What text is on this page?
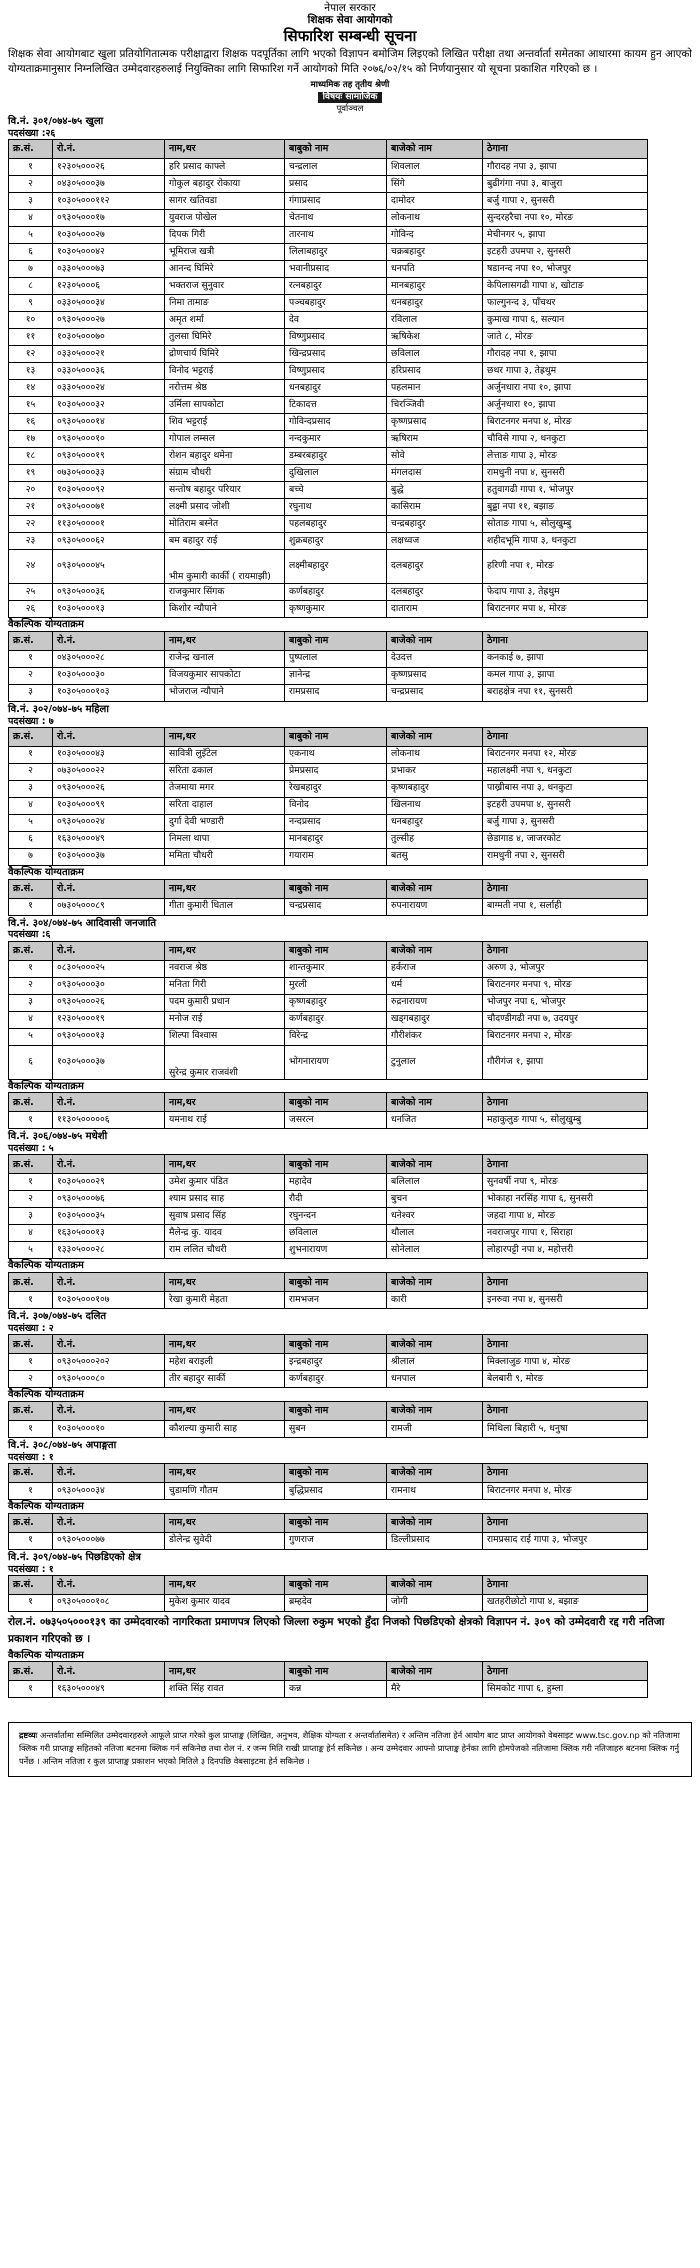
नेपाल सरकार
शिक्षक सेवा आयोगको
सिफारिश सम्बन्धी सूचना
शिक्षक सेवा आयोगबाट खुला प्रतियोगितात्मक परीक्षाद्वारा शिक्षक पदपूर्तिका लागि भएको विज्ञापन बमोजिम लिइएको लिखित परीक्षा तथा अन्तर्वार्ता समेतका आधारमा कायम हुन आएको योग्यताक्रमानुसार निम्नलिखित उम्मेदवारहरुलाई नियुक्तिका लागि सिफारिश गर्ने आयोगको मिति २०७६/०२/१५ को निर्णयानुसार यो सूचना प्रकाशित गरिएको छ ।
माध्यमिक तह तृतीय श्रेणी
विषयः सामाजिक
पूर्वाञ्चल
वि.नं. ३०१/०७४-७५ खुला
पदसंख्या :२६
क्र.सं.	रो.नं.	नाम,थर	बाबुको नाम	बाजेको नाम	ठेगाना
१	१२३०५०००२६	हरि प्रसाद काफ्ले	चन्द्रलाल	शिवलाल	गौरादह नपा ३, झापा
२	०४३०५०००३७	गोकुल बहादुर रोकाया	प्रसाद	सिंगे	बुढीगंगा नपा ३, बाजुरा
३	१०३०५०००११२	सागर खतिवडा	गंगाप्रसाद	दामोदर	बर्जु गापा २, सुनसरी
४	०९३०५०००१७	युवराज पोखेल	चेतनाथ	लोकनाथ	सुन्दरहरैचा नपा १०, मोरङ
५	१०३०५०००२७	दिपक गिरी	तारनाथ	गोविन्द	मेचीनगर ५, झापा
६	१०३०५०००४२	भूमिराज खत्री	लिलाबहादुर	चक्रबहादुर	इटहरी उपमपा २, सुनसरी
७	०३३०५०००७३	आनन्द घिमिरे	भवानीप्रसाद	धनपति	षडानन्द नपा १०, भोजपुर
८	१२३०५०००६	भक्तराज सुनुवार	रत्नबहादुर	मानबहादुर	केपिलासगढी गापा ४, खोटाङ
९	०३३०५०००३४	निमा तामाङ	पञ्चबहादुर	धनबहादुर	फाल्गुनन्द ३, पाँचथर
१०	०९३०५०००२७	अमृत शर्मा	देव	रविलाल	कुमाख गापा ६, सल्यान
११	१०३०५०००७०	तुलसा घिमिरे	विष्णुप्रसाद	ऋषिकेश	जाते ८, मोरङ
१२	०३३०५०००२१	द्रोणचार्य घिमिरे	खिन्द्रप्रसाद	छविलाल	गौरादह नपा १, झापा
१३	०३३०५०००३६	विनोद भट्टराई	विष्णुप्रसाद	हरिप्रसाद	छथर गापा ३, तेह्रथुम
१४	०३३०५०००२४	नरोत्तम श्रेष्ठ	धनबहादुर	पहलमान	अर्जुनधारा नपा १०, झापा
१५	१०३०५०००३२	उर्मिला सापकोटा	टिकादत्त	चिरञ्जिवी	अर्जुनधारा १०, झापा
१६	०९३०५०००१४	शिव भट्टराई	गोविन्दप्रसाद	कृष्णप्रसाद	बिराटनगर मनपा ४, मोरङ
१७	०९३०५०००१०	गोपाल लम्सल	नन्दकुमार	ऋषिराम	चौविसे गापा २, धनकुटा
१८	०९३०५०००१९	रोशन बहादुर थमेना	डम्बरबहादुर	सोवे	लेत्ताङ गापा ३, मोरङ
१९	०७३०५०००३३	संग्राम चौधरी	दुखिलाल	मंगलदास	रामधुनी नपा ४, सुनसरी
२०	१०३०५०००९२	सन्तोष बहादुर परियार	बच्चे	बुद्धे	हतुवागढी गापा १, भोजपुर
२१	०९३०५०००७१	लक्ष्मी प्रसाद जोशी	रघुनाथ	कासिराम	बुढ्ढा नपा ११, बझाङ
२२	११३०५००००१	मोतिराम बस्नेत	पहलबहादुर	चन्द्रबहादुर	सोताङ गापा ५, सोलुखुम्बु
२३	०९३०५०००६२	बम बहादुर राई	शुक्रबहादुर	लक्षध्वज	शहीदभूमि गापा ३, धनकुटा
२४	०९३०५०००४५	भीम कुमारी कार्की ( रायमाझी)	लक्ष्मीबहादुर	दलबहादुर	हरिणी नपा १, मोरङ
२५	०९३०५०००३६	राजकुमार सिंगक	कर्णबहादुर	दलबहादुर	फेदाप गापा ३, तेह्रथुम
२६	१०३०५०००१३	किशोर न्यौपाने	कृष्णकुमार	दाताराम	बिराटनगर मपा ४, मोरङ
वैकल्पिक योग्यताक्रम
क्र.सं.	रो.नं.	नाम,थर	बाबुको नाम	बाजेको नाम	ठेगाना
१	०४३०५०००२८	राजेन्द्र खनाल	पुष्पलाल	देउदत्त	कनकाई ७, झापा
२	१०३०५०००३०	विजयकुमार सापकोटा	ज्ञानेन्द्र	कृष्णप्रसाद	कमल गापा ३, झापा
३	१०३०५०००१०३	भोजराज न्यौपाने	रामप्रसाद	चन्द्रप्रसाद	बराहक्षेत्र नपा ११, सुनसरी
वि.नं. ३०२/०७४-७५ महिला
पदसंख्या : ७
क्र.सं.	रो.नं.	नाम,थर	बाबुको नाम	बाजेको नाम	ठेगाना
१	१०३०५०००४३	सावित्री लुइँटेल	एकनाथ	लोकनाथ	बिराटनगर मनपा १२, मोरङ
२	०७३०५०००२२	सरिता ढकाल	प्रेमप्रसाद	प्रभाकर	महालक्ष्मी नपा ९, धनकुटा
३	०९३०५०००२६	तेजमाया मगर	रेखबहादुर	कृष्णबहादुर	पाख्रीबास नपा ३, धनकुटा
४	१०३०५०००९९	सरिता दाहाल	विनोद	खिलनाथ	इटहरी उपमपा ४, सुनसरी
५	०९३०५०००२४	दुर्गा देवी भण्डारी	नन्दप्रसाद	धनबहादुर	बर्जु गापा ३, सुनसरी
६	१६३०५०००४९	निमला थापा	मानबहादुर	तुल्सीह	छेडागाड ४, जाजरकोट
७	१०३०५०००३७	ममिता चौधरी	गयाराम	बतसु	रामधुनी नपा २, सुनसरी
वैकल्पिक योग्यताक्रम
क्र.सं.	रो.नं.	नाम,थर	बाबुको नाम	बाजेको नाम	ठेगाना
१	०७३०५०००८९	गीता कुमारी धिताल	चन्द्रप्रसाद	रुपनारायण	बाग्मती नपा १, सर्लाही
वि.नं. ३०४/०७४-७५ आदिवासी जनजाति
पदसंख्या :६
क्र.सं.	रो.नं.	नाम,थर	बाबुको नाम	बाजेको नाम	ठेगाना
१	०८३०५०००२५	नवराज श्रेष्ठ	शान्तकुमार	हर्कराज	अरुण ३, भोजपुर
२	०९३०५०००३०	मनिता गिरी	मुरली	धर्म	बिराटनगर मनपा ९, मोरङ
३	०९३०५०००२६	पदम कुमारी प्रधान	कृष्णबहादुर	रुद्रनारायण	भोजपुर नपा ६, भोजपुर
४	१२३०५०००१९	मनोज राई	कर्णबहादुर	खड्गबहादुर	चौदण्डीगढी नपा ७, उदयपुर
५	०९३०५०००१३	शिल्पा विश्वास	विरेन्द्र	गौरीशंकर	बिराटनगर मनपा २, मोरङ
६	१०३०५०००३७	सुरेन्द्र कुमार राजवंशी	भोगनारायण	टुनुलाल	गौरीगंज १, झापा
वैकल्पिक योग्यताक्रम
क्र.सं.	रो.नं.	नाम,थर	बाबुको नाम	बाजेको नाम	ठेगाना
१	११३०५०००००६	यमनाथ राई	जसरत्न	धनजित	महाकुलुङ गापा ५, सोलुखुम्बु
वि.नं. ३०६/०७४-७५ मधेशी
पदसंख्या : ५
क्र.सं.	रो.नं.	नाम,थर	बाबुको नाम	बाजेको नाम	ठेगाना
१	१०३०५०००२९	उमेश कुमार पंडित	महादेव	बलिलाल	सुनवर्षी नपा ९, मोरङ
२	०९३०५०००७६	श्याम प्रसाद साह	रौदी	बुचन	भोकाहा नरसिंह गापा ६, सुनसरी
३	१०३०५०००३५	सुवाष प्रसाद सिंह	रघुनन्दन	धनेश्वर	जहदा गापा ४, मोरङ
४	१६३०५०००१३	मैलेन्द्र कु. यादव	छविलाल	थौलाल	नवराजपुर गापा १, सिराहा
५	१३३०५०००२८	राम ललित चौधरी	शुभनारायण	सोनेलाल	लोहारपट्टी नपा ४, महोत्तरी
वैकल्पिक योग्यताक्रम
क्र.सं.	रो.नं.	नाम,थर	बाबुको नाम	बाजेको नाम	ठेगाना
१	१०३०५०००१०७	रेखा कुमारी मेहता	रामभजन	कारी	इनरुवा नपा ४, सुनसरी
वि.नं. ३०७/०७४-७५ दलित
पदसंख्या : २
क्र.सं.	रो.नं.	नाम,थर	बाबुको नाम	बाजेको नाम	ठेगाना
१	०९३०५०००२०२	महेश बराइली	इन्द्रबहादुर	श्रीलाल	मिक्लाजुङ गापा ४, मोरङ
२	०९३०५०००८०	तीर बहादुर सार्की	कर्णबहादुर	धनपाल	बेलबारी ९, मोरङ
वैकल्पिक योग्यताक्रम
क्र.सं.	रो.नं.	नाम,थर	बाबुको नाम	बाजेको नाम	ठेगाना
१	१०३०५०००१०	कौशल्या कुमारी साह	सुबन	रामजी	मिथिला बिहारी ५, धनुषा
वि.नं. ३०८/०७४-७५ अपाङ्गता
पदसंख्या : १
क्र.सं.	रो.नं.	नाम,थर	बाबुको नाम	बाजेको नाम	ठेगाना
१	०९३०५०००३४	चुडामणि गौतम	बुद्धिप्रसाद	रामनाथ	बिराटनगर मनपा ४, मोरङ
वैकल्पिक योग्यताक्रम
क्र.सं.	रो.नं.	नाम,थर	बाबुको नाम	बाजेको नाम	ठेगाना
१	०९३०५०००७७	डोलेन्द्र सुवेदी	गुणराज	डिल्लीप्रसाद	रामप्रसाद राई गापा ३, भोजपुर
वि.नं. ३०९/०७४-७५ पिछडिएको क्षेत्र
पदसंख्या : १
क्र.सं.	रो.नं.	नाम,थर	बाबुको नाम	बाजेको नाम	ठेगाना
१	०९३०५०००१०८	मुकेश कुमार यादव	ब्रम्हदेव	जोगी	खतहरीछोटो गापा ४, बझाङ
रोल.नं. ०७३५०५०००१३९ का उम्मेदवारको नागरिकता प्रमाणपत्र लिएको जिल्ला रुकुम भएको हुँदा निजको पिछडिएको क्षेत्रको विज्ञापन नं. ३०९ को उम्मेदवारी रद्द गरी नतिजा प्रकाशन गरिएको छ ।
वैकल्पिक योग्यताक्रम
क्र.सं.	रो.नं.	नाम,थर	बाबुको नाम	बाजेको नाम	ठेगाना
१	१६३०५०००४९	शक्ति सिंह रावत	कन्न	मैरे	सिमकोट गापा ६, हुम्ला
द्रष्टव्यः अन्तर्वार्तामा सम्मिलित उम्मेदवारहरुले आफूले प्राप्त गरेको कुल प्राप्ताङ्क (लिखित, अनुभव, शैक्षिक योग्यता र अन्तर्वार्तासमेत) र अन्तिम नतिजा हेर्न आयोग बाट प्राप्त आयोगको वेबसाइट www.tsc.gov.np को नतिजामा क्लिक गरी प्राप्ताङ्क सहितको नतिजा बटनमा क्लिक गर्न सकिनेछ तथा रोल नं. र जन्म मिति राखी प्राप्ताङ्क हेर्न सकिनेछ । अन्य उम्मेदवार आफ्नो प्राप्ताङ्क हेर्नका लागि होमपेजको नतिजामा क्लिक गरी नतिजाहरु बटनमा क्लिक गर्नु पर्नेछ । अन्तिम नतिजा र कुल प्राप्ताङ्क प्रकाशन भएको मितिले ३ दिनपछि वेबसाइटमा हेर्न सकिनेछ ।
